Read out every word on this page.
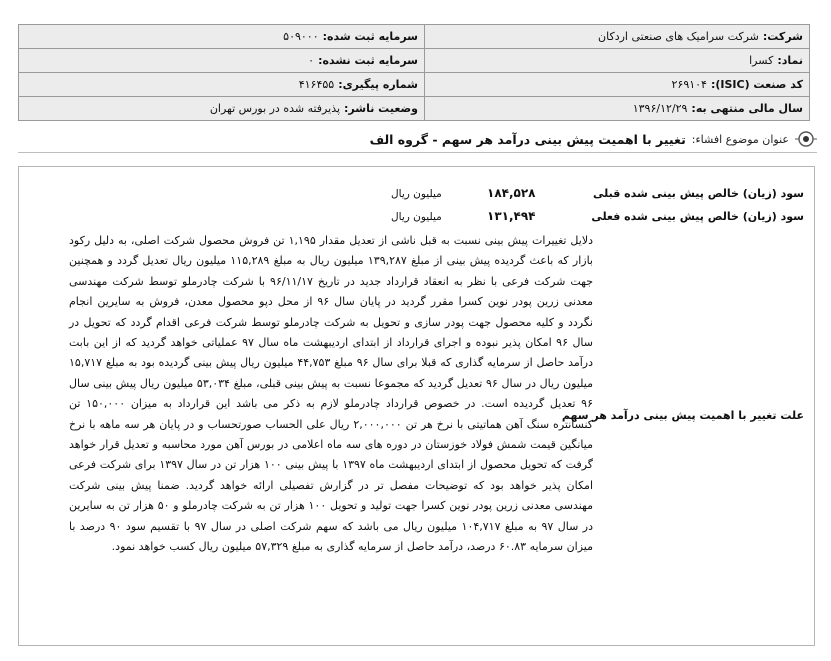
شرکت:شرکت سرامیک های صنعتی اردکان	سرمایه ثبت شده:۵۰۹۰۰۰
نماد:کسرا	سرمایه ثبت نشده:۰
کد صنعت (ISIC):۲۶۹۱۰۴	شماره پیگیری:۴۱۶۴۵۵
سال مالی منتهی به:۱۳۹۶/۱۲/۲۹	وضعیت ناشر:پذیرفته شده در بورس تهران
عنوان موضوع افشاء:
تغییر با اهمیت پیش بینی درآمد هر سهم - گروه الف
سود (زیان) خالص پیش بینی شده قبلی
۱۸۴,۵۲۸
میلیون ریال
سود (زیان) خالص پیش بینی شده فعلی
۱۳۱,۴۹۴
میلیون ریال
علت تغییر با اهمیت پیش بینی درآمد هر سهم
دلایل تغییرات پیش بینی نسبت به قبل ناشی از تعدیل مقدار ۱,۱۹۵ تن فروش محصول شرکت اصلی، به دلیل رکود بازار که باعث گردیده پیش بینی از مبلغ ۱۳۹,۲۸۷ میلیون ریال به مبلغ ۱۱۵,۲۸۹ میلیون ریال تعدیل گردد و همچنین جهت شرکت فرعی با نظر به انعقاد قرارداد جدید در تاریخ ۹۶/۱۱/۱۷ با شرکت چادرملو توسط شرکت مهندسی معدنی زرین پودر نوین کسرا مقرر گردید در پایان سال ۹۶ از محل دپو محصول معدن، فروش به سایرین انجام نگردد و کلیه محصول جهت پودر سازی و تحویل به شرکت چادرملو توسط شرکت فرعی اقدام گردد که تحویل در سال ۹۶ امکان پذیر نبوده و اجرای قرارداد از ابتدای اردیبهشت ماه سال ۹۷ عملیاتی خواهد گردید که از این بابت درآمد حاصل از سرمایه گذاری که قبلا برای سال ۹۶ مبلغ ۴۴,۷۵۳ میلیون ریال پیش بینی گردیده بود به مبلغ ۱۵,۷۱۷ میلیون ریال در سال ۹۶ تعدیل گردید که مجموعا نسبت به پیش بینی قبلی، مبلغ ۵۳,۰۳۴ میلیون ریال پیش بینی سال ۹۶ تعدیل گردیده است. در خصوص قرارداد چادرملو لازم به ذکر می باشد این قرارداد به میزان ۱۵۰,۰۰۰ تن کنسانتره سنگ آهن هماتیتی با نرخ هر تن ۲,۰۰۰,۰۰۰ ریال علی الحساب صورتحساب و در پایان هر سه ماهه با نرخ میانگین قیمت شمش فولاد خوزستان در دوره های سه ماه اعلامی در بورس آهن مورد محاسبه و تعدیل قرار خواهد گرفت که تحویل محصول از ابتدای اردیبهشت ماه ۱۳۹۷ با پیش بینی ۱۰۰ هزار تن در سال ۱۳۹۷ برای شرکت فرعی امکان پذیر خواهد بود که توضیحات مفصل تر در گزارش تفصیلی ارائه خواهد گردید. ضمنا پیش بینی شرکت مهندسی معدنی زرین پودر نوین کسرا جهت تولید و تحویل ۱۰۰ هزار تن به شرکت چادرملو و ۵۰ هزار تن به سایرین در سال ۹۷ به مبلغ ۱۰۴,۷۱۷ میلیون ریال می باشد که سهم شرکت اصلی در سال ۹۷ با تقسیم سود ۹۰ درصد با میزان سرمایه ۶۰.۸۳ درصد، درآمد حاصل از سرمایه گذاری به مبلغ ۵۷,۳۲۹ میلیون ریال کسب خواهد نمود.
